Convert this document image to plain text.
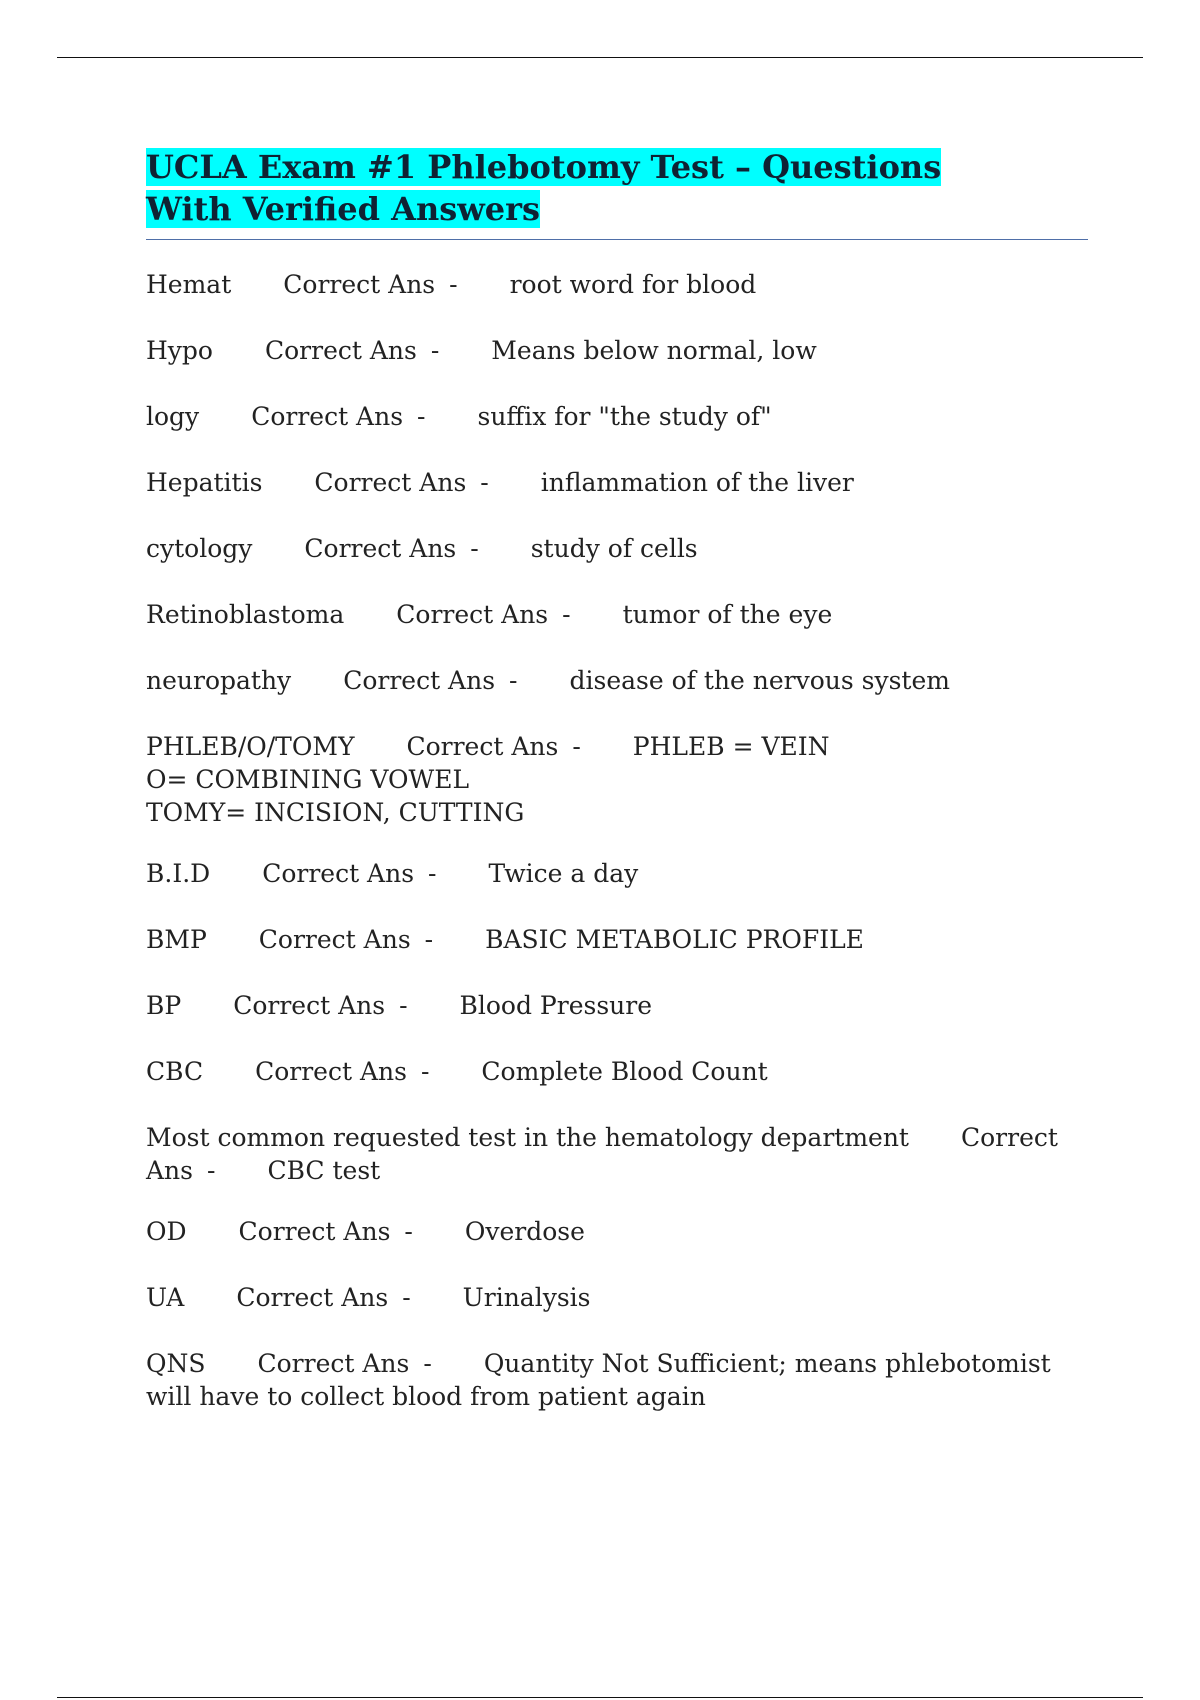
UCLA Exam #1 Phlebotomy Test – Questions With Verified Answers
Hemat Correct Ans - root word for blood
Hypo Correct Ans - Means below normal, low
logy Correct Ans - suffix for "the study of"
Hepatitis Correct Ans - inflammation of the liver
cytology Correct Ans - study of cells
Retinoblastoma Correct Ans - tumor of the eye
neuropathy Correct Ans - disease of the nervous system
PHLEB/O/TOMY Correct Ans - PHLEB = VEIN
O= COMBINING VOWEL
TOMY= INCISION, CUTTING
B.I.D Correct Ans - Twice a day
BMP Correct Ans - BASIC METABOLIC PROFILE
BP Correct Ans - Blood Pressure
CBC Correct Ans - Complete Blood Count
Most common requested test in the hematology department Correct Ans - CBC test
OD Correct Ans - Overdose
UA Correct Ans - Urinalysis
QNS Correct Ans - Quantity Not Sufficient; means phlebotomist will have to collect blood from patient again
